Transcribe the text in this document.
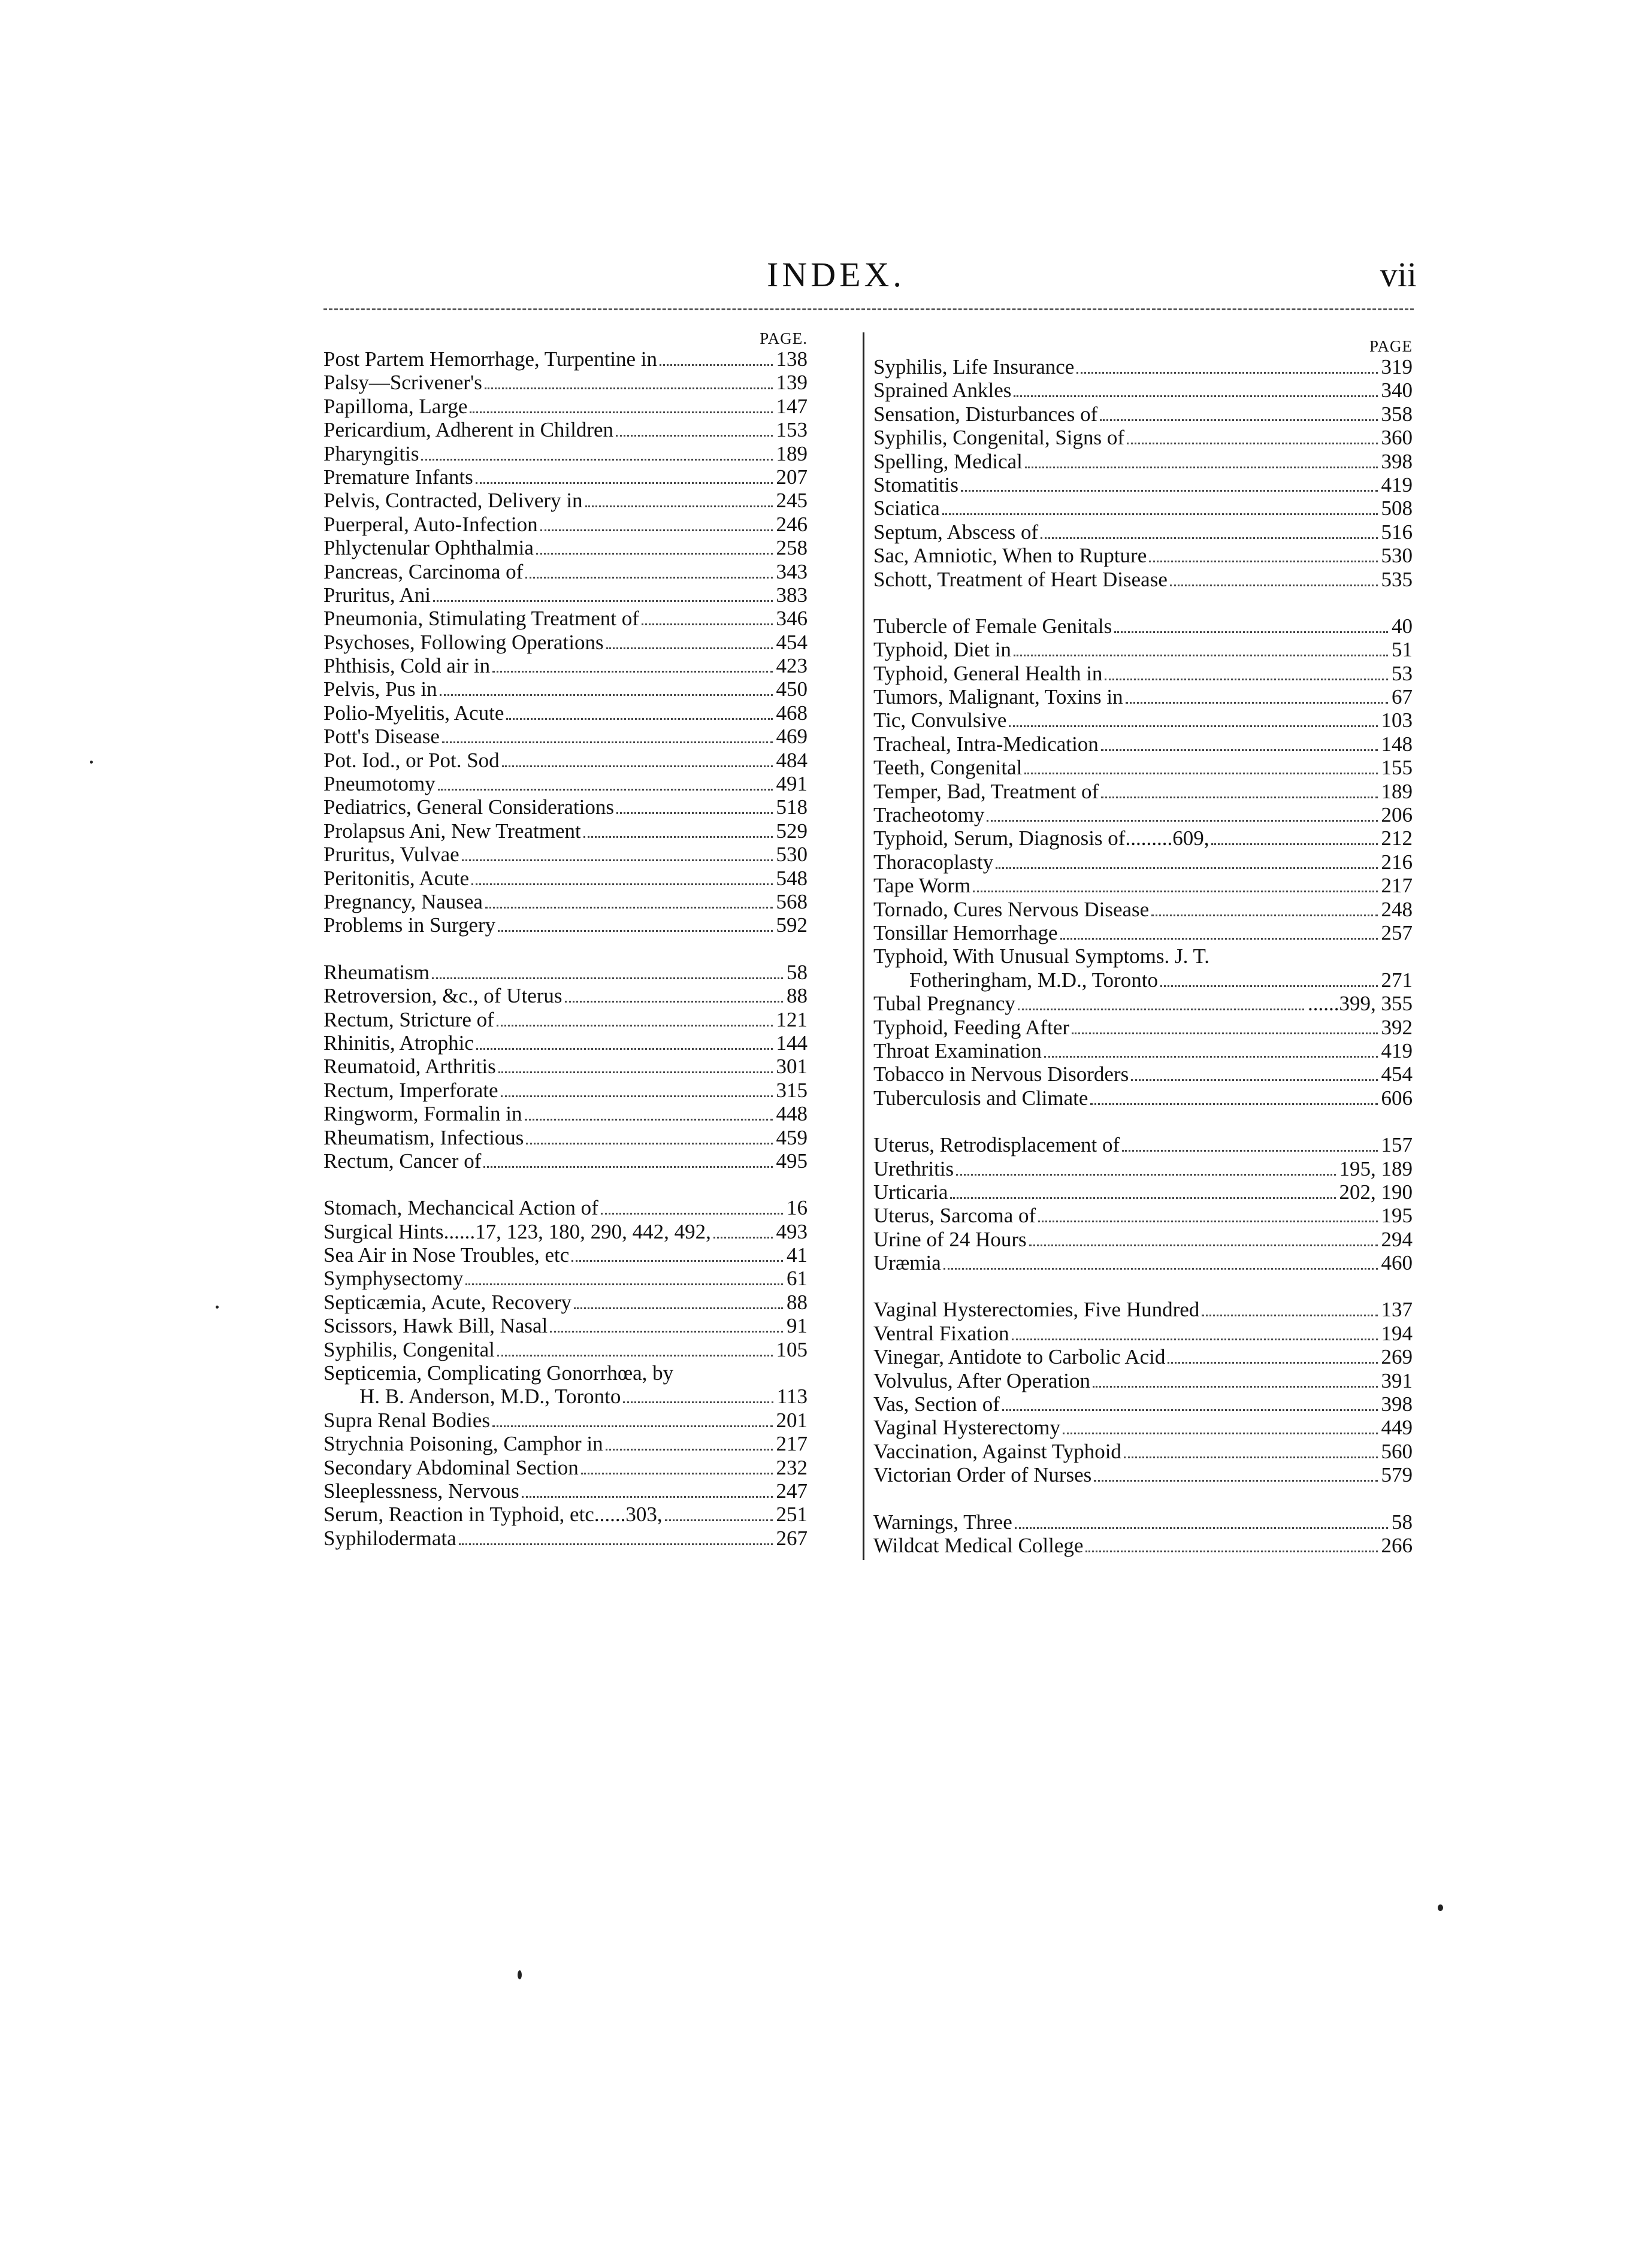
INDEX.	vii
PAGE.
Post Partem Hemorrhage, Turpentine in	138
Palsy—Scrivener's	139
Papilloma, Large	147
Pericardium, Adherent in Children	153
Pharyngitis	189
Premature Infants	207
Pelvis, Contracted, Delivery in	245
Puerperal, Auto-Infection	246
Phlyctenular Ophthalmia	258
Pancreas, Carcinoma of	343
Pruritus, Ani	383
Pneumonia, Stimulating Treatment of	346
Psychoses, Following Operations	454
Phthisis, Cold air in	423
Pelvis, Pus in	450
Polio-Myelitis, Acute	468
Pott's Disease	469
Pot. Iod., or Pot. Sod	484
Pneumotomy	491
Pediatrics, General Considerations	518
Prolapsus Ani, New Treatment	529
Pruritus, Vulvae	530
Peritonitis, Acute	548
Pregnancy, Nausea	568
Problems in Surgery	592
Rheumatism	58
Retroversion, &c., of Uterus	88
Rectum, Stricture of	121
Rhinitis, Atrophic	144
Reumatoid, Arthritis	301
Rectum, Imperforate	315
Ringworm, Formalin in	448
Rheumatism, Infectious	459
Rectum, Cancer of	495
Stomach, Mechancical Action of	16
Surgical Hints......17, 123, 180, 290, 442, 492,	493
Sea Air in Nose Troubles, etc	41
Symphysectomy	61
Septicæmia, Acute, Recovery	88
Scissors, Hawk Bill, Nasal	91
Syphilis, Congenital	105
Septicemia, Complicating Gonorrhœa, by
H. B. Anderson, M.D., Toronto	113
Supra Renal Bodies	201
Strychnia Poisoning, Camphor in	217
Secondary Abdominal Section	232
Sleeplessness, Nervous	247
Serum, Reaction in Typhoid, etc......303,	251
Syphilodermata	267
PAGE
Syphilis, Life Insurance	319
Sprained Ankles	340
Sensation, Disturbances of	358
Syphilis, Congenital, Signs of	360
Spelling, Medical	398
Stomatitis	419
Sciatica	508
Septum, Abscess of	516
Sac, Amniotic, When to Rupture	530
Schott, Treatment of Heart Disease	535
Tubercle of Female Genitals	40
Typhoid, Diet in	51
Typhoid, General Health in	53
Tumors, Malignant, Toxins in	67
Tic, Convulsive	103
Tracheal, Intra-Medication	148
Teeth, Congenital	155
Temper, Bad, Treatment of	189
Tracheotomy	206
Typhoid, Serum, Diagnosis of.........609,	212
Thoracoplasty	216
Tape Worm	217
Tornado, Cures Nervous Disease	248
Tonsillar Hemorrhage	257
Typhoid, With Unusual Symptoms. J. T.
Fotheringham, M.D., Toronto	271
Tubal Pregnancy	......399, 355
Typhoid, Feeding After	392
Throat Examination	419
Tobacco in Nervous Disorders	454
Tuberculosis and Climate	606
Uterus, Retrodisplacement of	157
Urethritis	195, 189
Urticaria	202, 190
Uterus, Sarcoma of	195
Urine of 24 Hours	294
Uræmia	460
Vaginal Hysterectomies, Five Hundred	137
Ventral Fixation	194
Vinegar, Antidote to Carbolic Acid	269
Volvulus, After Operation	391
Vas, Section of	398
Vaginal Hysterectomy	449
Vaccination, Against Typhoid	560
Victorian Order of Nurses	579
Warnings, Three	58
Wildcat Medical College	266
